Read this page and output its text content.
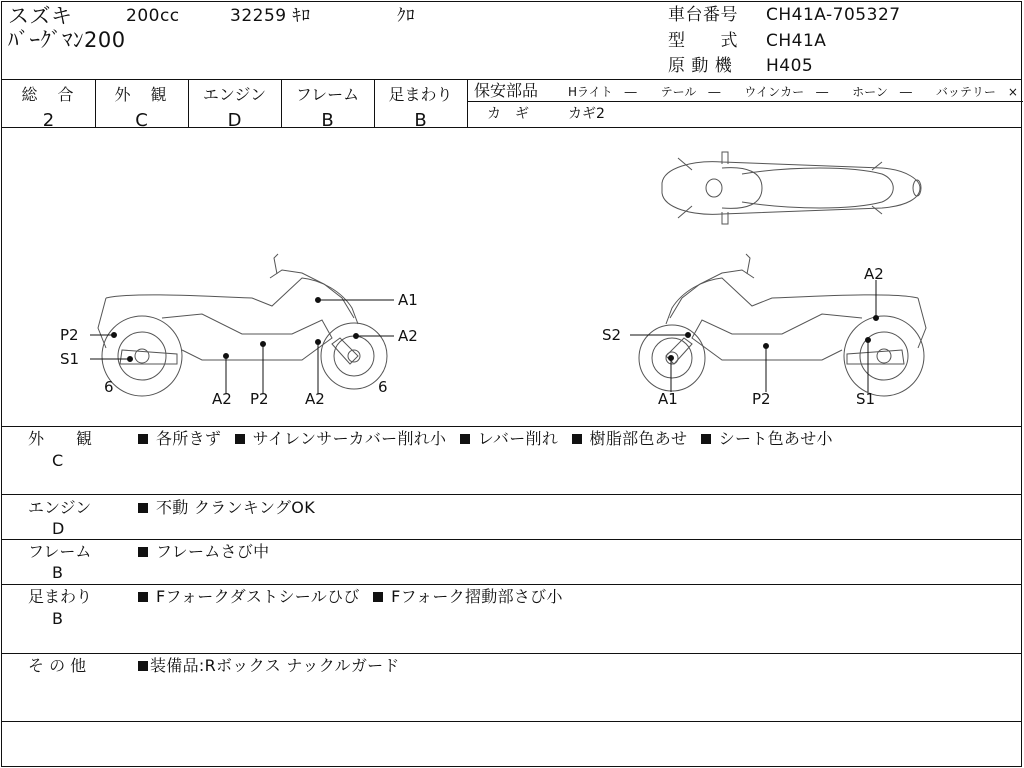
スズキ	200cc	32259 ｷﾛ	ｸﾛ
ﾊﾞｰｸﾞﾏﾝ200
車台番号 CH41A-705327
型　　式 CH41A
原 動 機 H405
総　合
2
外　観
C
エンジン
D
フレーム
B
足まわり
B
保安部品 Hライト　―　　テール　―　　ウインカー　―　　ホーン　―　　バッテリー　×
カ　ギ	カギ2
A1
A2
P2
S1
6
A2 P2 A2
6
A2
S2
A1	P2	S1
外　　観
C
各所きず サイレンサーカバー削れ小 レバー削れ 樹脂部色あせ シート色あせ小
エンジン
D
不動 クランキングOK
フレーム
B
フレームさび中
足まわり
B
Fフォークダストシールひび Fフォーク摺動部さび小
そ の 他	装備品:Rボックス ナックルガード
